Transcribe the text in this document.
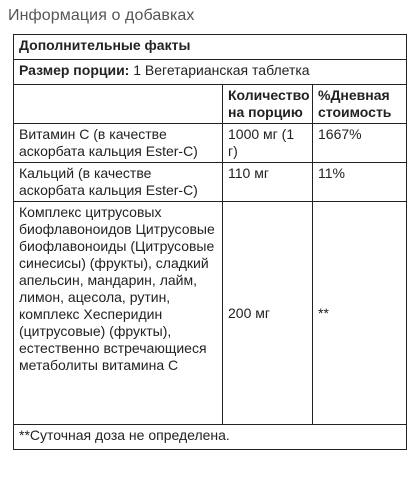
Информация о добавках
Дополнительные факты		
Размер порции: 1 Вегетарианская таблетка		
	Количество на порцию	%Дневная стоимость
Витамин C (в качестве аскорбата кальция Ester-C)	1000 мг (1 г)	1667%
Кальций (в качестве аскорбата кальция Ester-C)	110 мг	11%
Комплекс цитрусовых биофлавоноидов Цитрусовые биофлавоноиды (Цитрусовые синесисы) (фрукты), сладкий апельсин, мандарин, лайм, лимон, ацесола, рутин, комплекс Хесперидин (цитрусовые) (фрукты), естественно встречающиеся метаболиты витамина C	200 мг	**
**Суточная доза не определена.		
